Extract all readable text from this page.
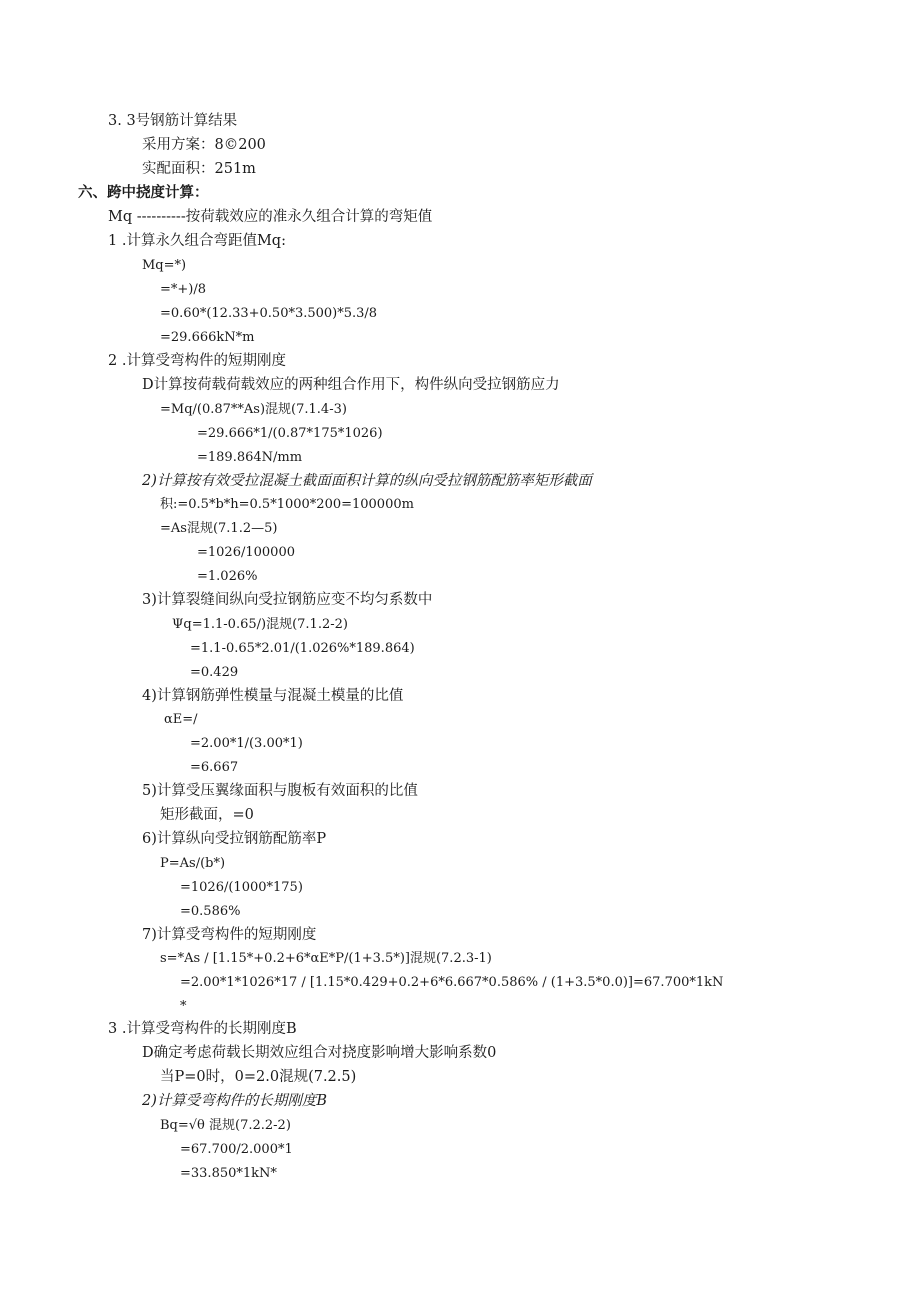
3. 3号钢筋计算结果
采用方案：8©200
实配面积：251m
六、跨中挠度计算：
Mq ----------按荷载效应的准永久组合计算的弯矩值
1 .计算永久组合弯距值Mq:
Mq=*)
=*+)/8
=0.60*(12.33+0.50*3.500)*5.3/8
=29.666kN*m
2 .计算受弯构件的短期刚度
D计算按荷载荷载效应的两种组合作用下，构件纵向受拉钢筋应力
=Mq/(0.87**As)混规(7.1.4-3)
=29.666*1/(0.87*175*1026)
=189.864N/mm
2)计算按有效受拉混凝土截面面积计算的纵向受拉钢筋配筋率矩形截面
积:=0.5*b*h=0.5*1000*200=100000m
=As混规(7.1.2—5)
=1026/100000
=1.026%
3)计算裂缝间纵向受拉钢筋应变不均匀系数中
Ψq=1.1-0.65/)混规(7.1.2-2)
=1.1-0.65*2.01/(1.026%*189.864)
=0.429
4)计算钢筋弹性模量与混凝土模量的比值
αE=/
=2.00*1/(3.00*1)
=6.667
5)计算受压翼缘面积与腹板有效面积的比值
矩形截面，=0
6)计算纵向受拉钢筋配筋率P
P=As/(b*)
=1026/(1000*175)
=0.586%
7)计算受弯构件的短期刚度
s=*As / [1.15*+0.2+6*αE*P/(1+3.5*)]混规(7.2.3-1)
=2.00*1*1026*17 / [1.15*0.429+0.2+6*6.667*0.586% / (1+3.5*0.0)]=67.700*1kN
*
3 .计算受弯构件的长期刚度B
D确定考虑荷载长期效应组合对挠度影响增大影响系数0
当P=0时，0=2.0混规(7.2.5)
2)计算受弯构件的长期刚度B
Bq=√θ 混规(7.2.2-2)
=67.700/2.000*1
=33.850*1kN*
